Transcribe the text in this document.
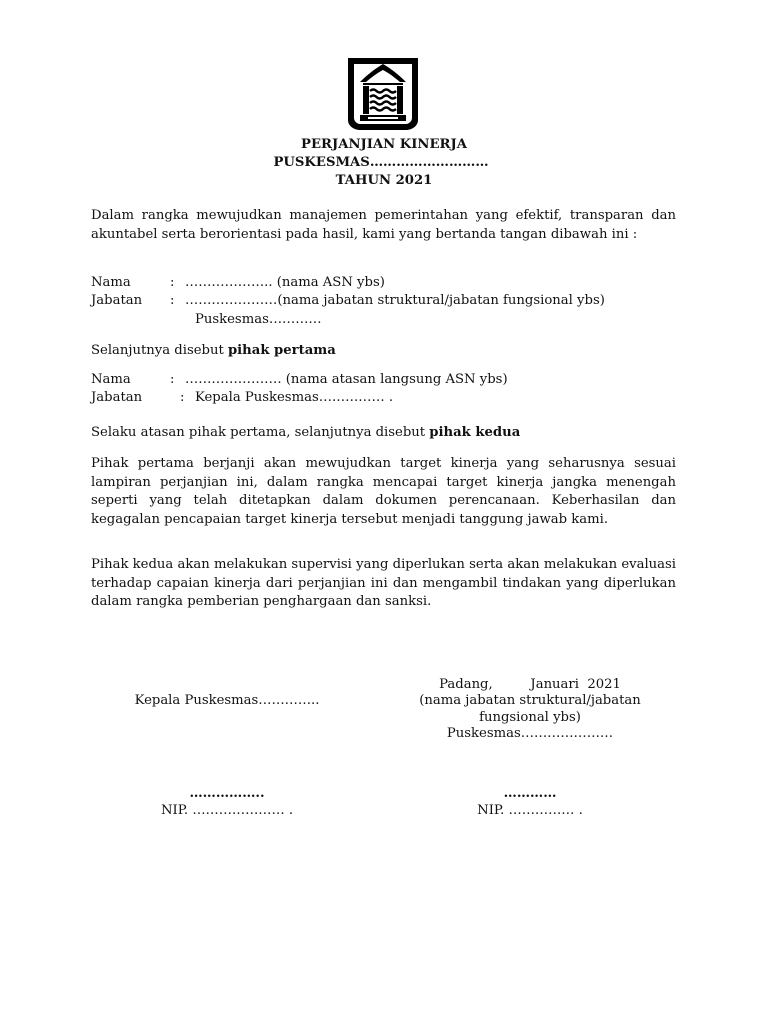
PERJANJIAN KINERJA
PUSKESMAS………………………
TAHUN 2021
Dalam rangka mewujudkan manajemen pemerintahan yang efektif, transparan dan akuntabel serta berorientasi pada hasil, kami yang bertanda tangan dibawah ini :
Nama	: ……………….. (nama ASN ybs)
Jabatan : …………………(nama jabatan struktural/jabatan fungsional ybs)
Puskesmas…………
Selanjutnya disebut pihak pertama
Nama	: …………………. (nama atasan langsung ASN ybs)
Jabatan	: Kepala Puskesmas…………… .
Selaku atasan pihak pertama, selanjutnya disebut pihak kedua
Pihak pertama berjanji akan mewujudkan target kinerja yang seharusnya sesuai lampiran perjanjian ini, dalam rangka mencapai target kinerja jangka menengah seperti yang telah ditetapkan dalam dokumen perencanaan. Keberhasilan dan kegagalan pencapaian target kinerja tersebut menjadi tanggung jawab kami.
Pihak kedua akan melakukan supervisi yang diperlukan serta akan melakukan evaluasi terhadap capaian kinerja dari perjanjian ini dan mengambil tindakan yang diperlukan dalam rangka pemberian penghargaan dan sanksi.
Padang,         Januari  2021
Kepala Puskesmas…………..	(nama jabatan struktural/jabatan
fungsional ybs)
Puskesmas…………………
……………..	…………
NIP. ………………… .	NIP. …………… .
